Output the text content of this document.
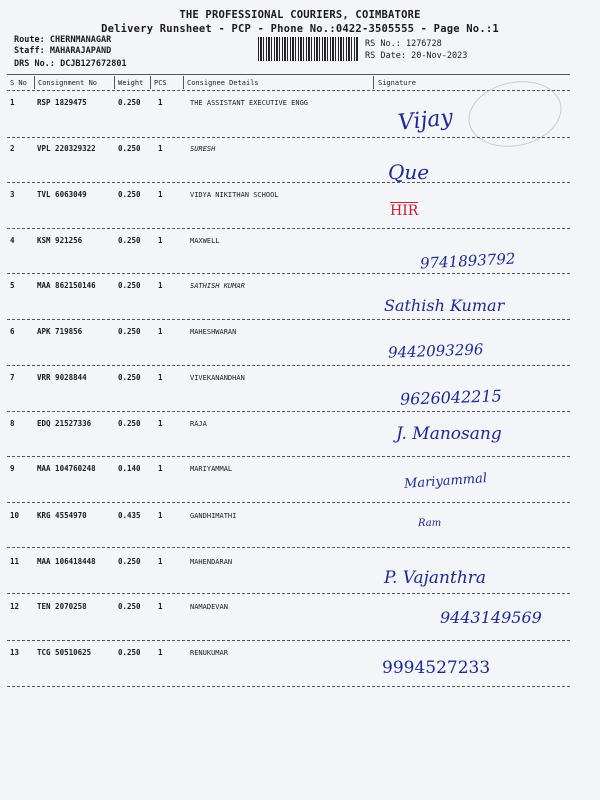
THE PROFESSIONAL COURIERS, COIMBATORE
Delivery Runsheet - PCP - Phone No.:0422-3505555 - Page No.:1
Route: CHERNMANAGAR
Staff: MAHARAJAPAND
DRS No.: DCJB127672801
RS No.: 1276728
RS Date: 20-Nov-2023
S No Consignment No	Weight PCS	Consignee Details	Signature
1	RSP 1829475	0.250 1	THE ASSISTANT EXECUTIVE ENGG
Vijay
2	VPL 220329322	0.250 1	SURESH
Que
3	TVL 6063049	0.250 1	VIDYA NIKITHAN SCHOOL
HIR
4	KSM 921256	0.250 1	MAXWELL
9741893792
5	MAA 862150146	0.250 1	SATHISH KUMAR
Sathish Kumar
6	APK 719856	0.250 1	MAHESHWARAN
9442093296
7	VRR 9028844	0.250 1	VIVEKANANDHAN
9626042215
8	EDQ 21527336	0.250 1	RAJA	J. Manosang
9	MAA 104760248	0.140 1	MARIYAMMAL
Mariyammal
10 KRG 4554970	0.435 1	GANDHIMATHI
Ram
11 MAA 106418448	0.250 1	MAHENDARAN
P. Vajanthra
12 TEN 2070258	0.250 1	NAMADEVAN
9443149569
13 TCG 50510625	0.250 1	RENUKUMAR
9994527233
